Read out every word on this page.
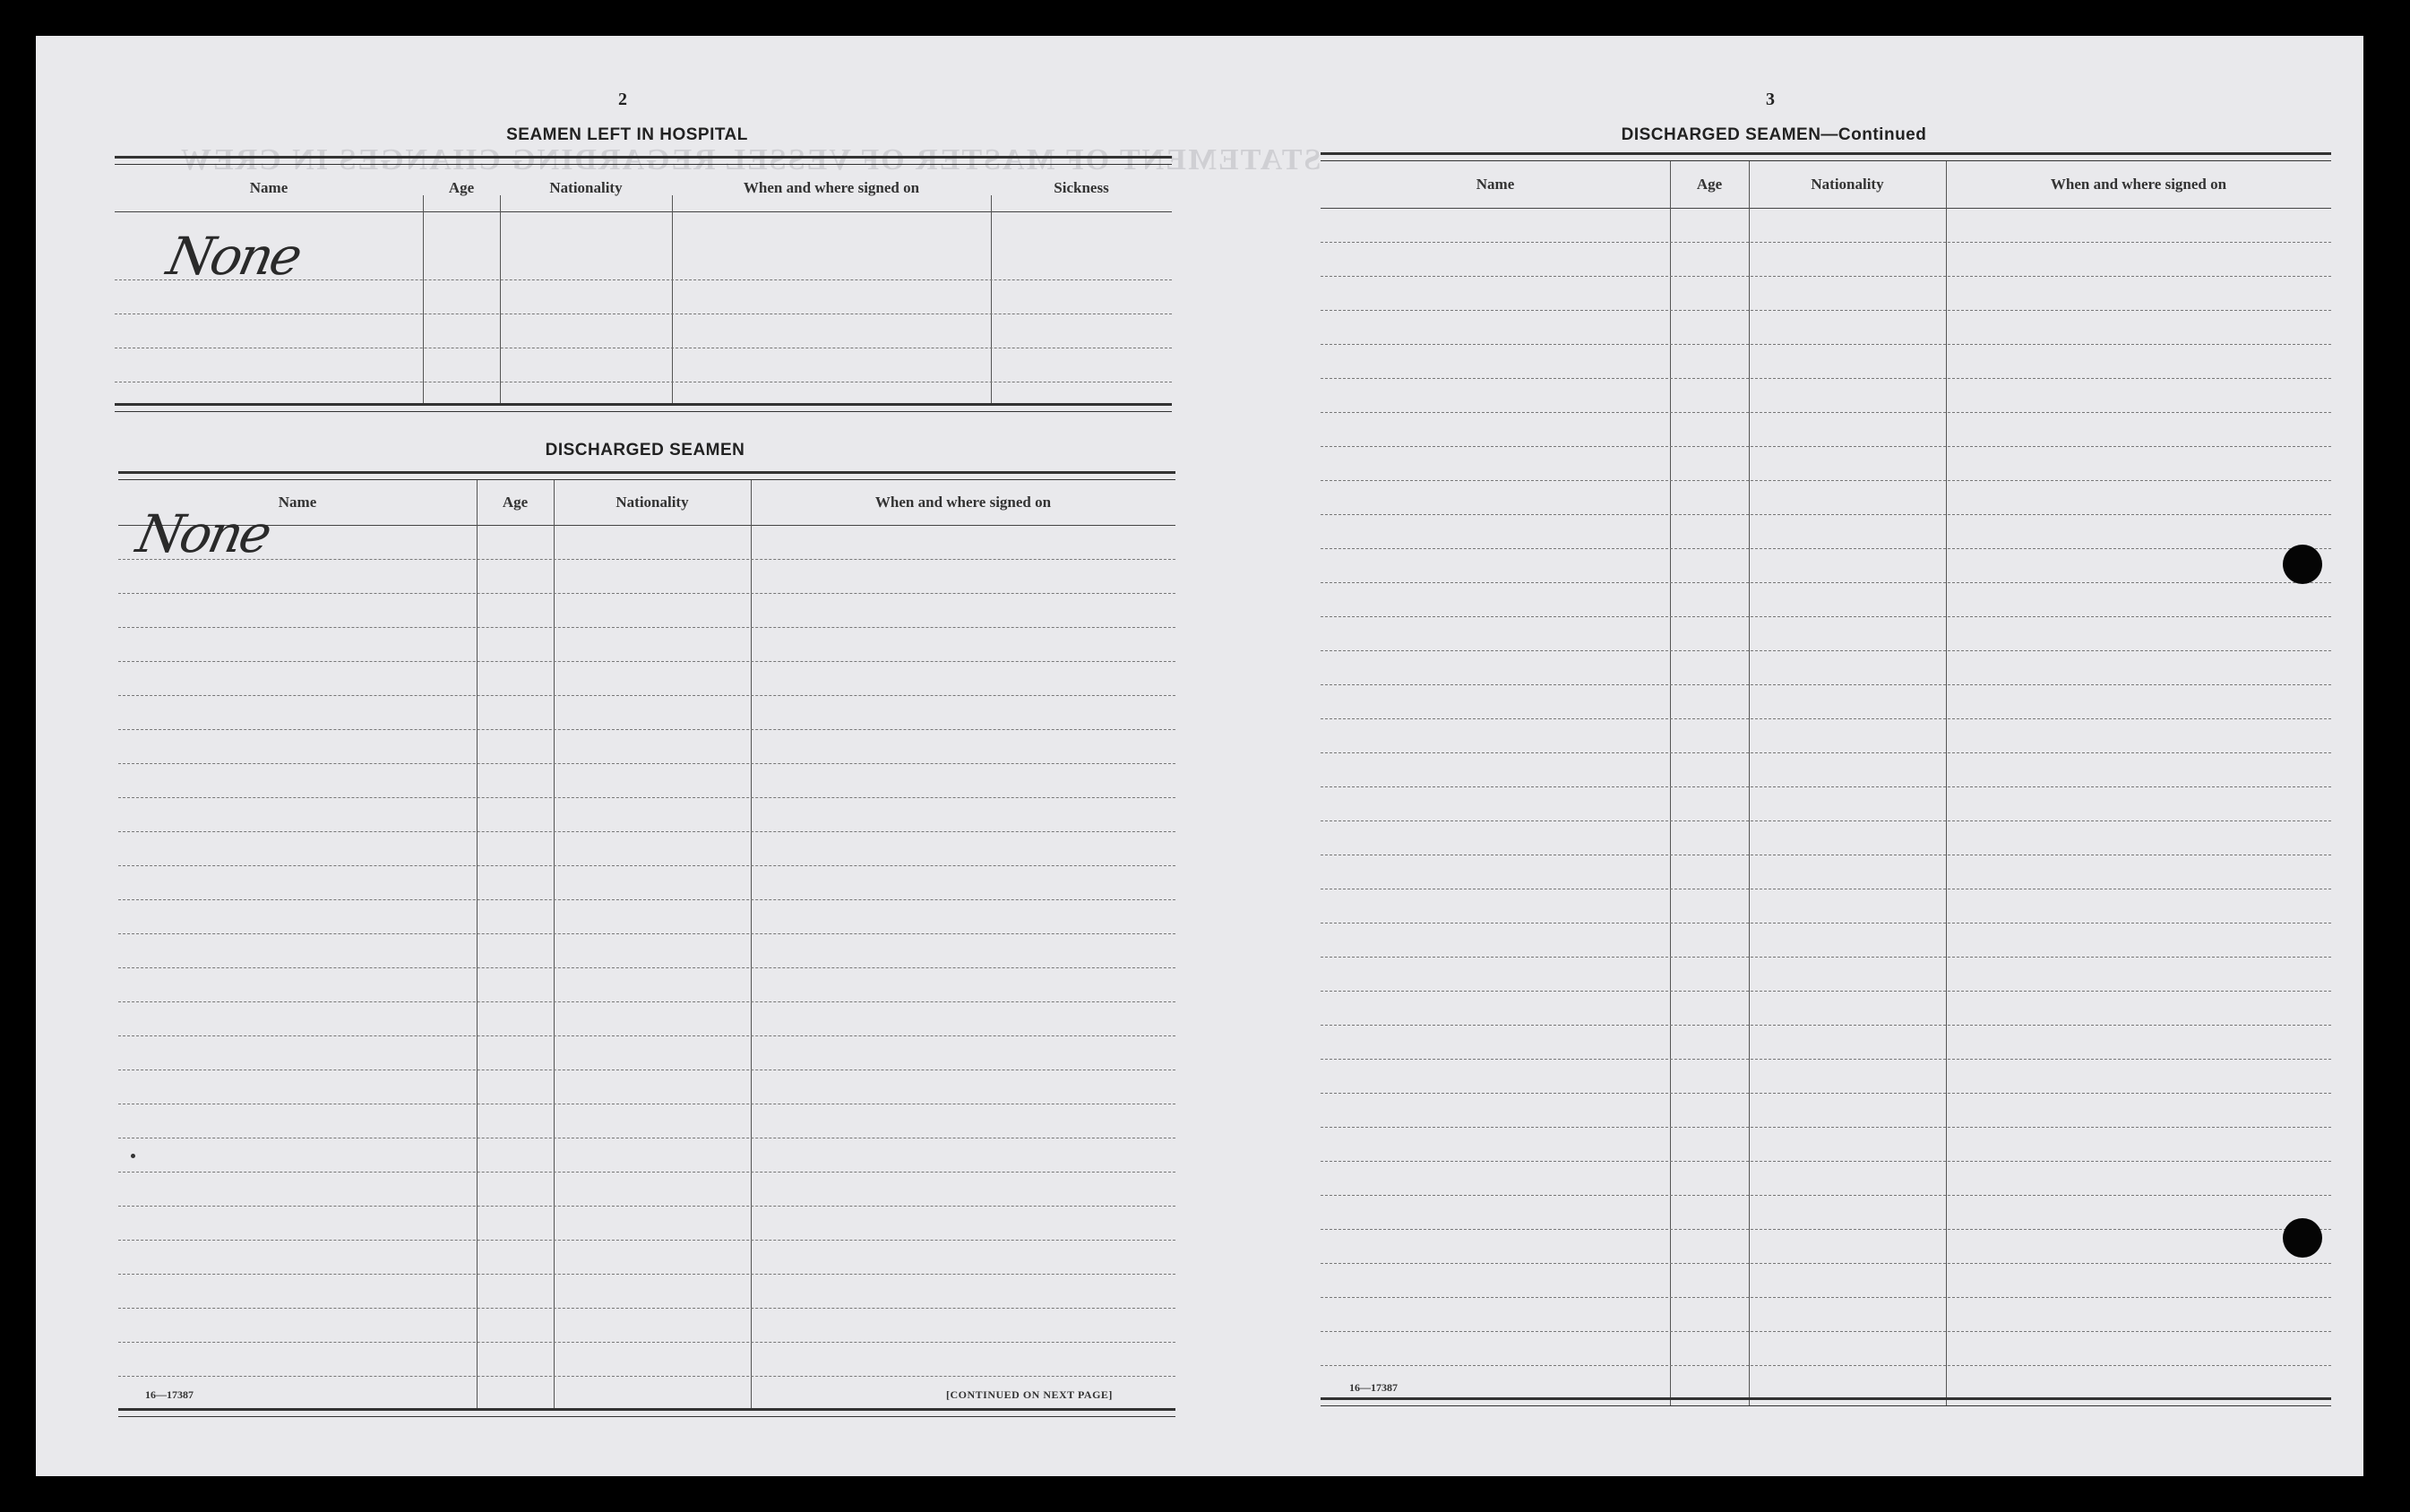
STATEMENT OF MASTER OF VESSEL REGARDING CHANGES IN CREW
2
SEAMEN LEFT IN HOSPITAL
Name	Age	Nationality	When and where signed on	Sickness
None
DISCHARGED SEAMEN
Name	Age	Nationality	When and where signed on
None
16—17387	[CONTINUED ON NEXT PAGE]
3
DISCHARGED SEAMEN—Continued
Name	Age	Nationality	When and where signed on
16—17387
